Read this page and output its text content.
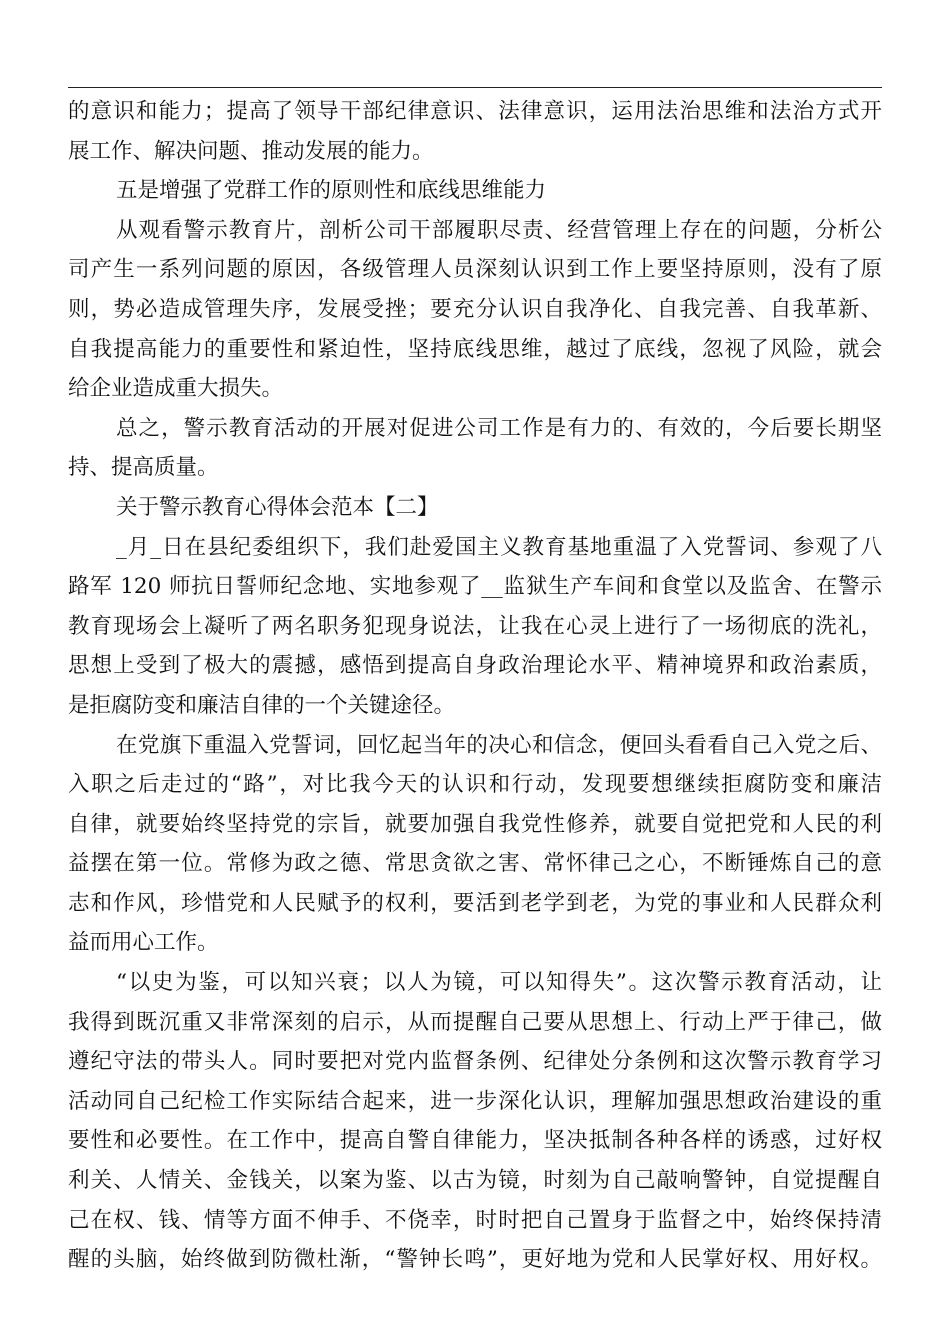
的意识和能力；提高了领导干部纪律意识、法律意识，运用法治思维和法治方式开
展工作、解决问题、推动发展的能力。
五是增强了党群工作的原则性和底线思维能力
从观看警示教育片，剖析公司干部履职尽责、经营管理上存在的问题，分析公
司产生一系列问题的原因，各级管理人员深刻认识到工作上要坚持原则，没有了原
则，势必造成管理失序，发展受挫；要充分认识自我净化、自我完善、自我革新、
自我提高能力的重要性和紧迫性，坚持底线思维，越过了底线，忽视了风险，就会
给企业造成重大损失。
总之，警示教育活动的开展对促进公司工作是有力的、有效的，今后要长期坚
持、提高质量。
关于警示教育心得体会范本【二】
_月_日在县纪委组织下，我们赴爱国主义教育基地重温了入党誓词、参观了八
路军 120 师抗日誓师纪念地、实地参观了__监狱生产车间和食堂以及监舍、在警示
教育现场会上凝听了两名职务犯现身说法，让我在心灵上进行了一场彻底的洗礼，
思想上受到了极大的震撼，感悟到提高自身政治理论水平、精神境界和政治素质，
是拒腐防变和廉洁自律的一个关键途径。
在党旗下重温入党誓词，回忆起当年的决心和信念，便回头看看自己入党之后、
入职之后走过的“路”，对比我今天的认识和行动，发现要想继续拒腐防变和廉洁
自律，就要始终坚持党的宗旨，就要加强自我党性修养，就要自觉把党和人民的利
益摆在第一位。常修为政之德、常思贪欲之害、常怀律己之心，不断锤炼自己的意
志和作风，珍惜党和人民赋予的权利，要活到老学到老，为党的事业和人民群众利
益而用心工作。
“以史为鉴，可以知兴衰；以人为镜，可以知得失”。这次警示教育活动，让
我得到既沉重又非常深刻的启示，从而提醒自己要从思想上、行动上严于律己，做
遵纪守法的带头人。同时要把对党内监督条例、纪律处分条例和这次警示教育学习
活动同自己纪检工作实际结合起来，进一步深化认识，理解加强思想政治建设的重
要性和必要性。在工作中，提高自警自律能力，坚决抵制各种各样的诱惑，过好权
利关、人情关、金钱关，以案为鉴、以古为镜，时刻为自己敲响警钟，自觉提醒自
己在权、钱、情等方面不伸手、不侥幸，时时把自己置身于监督之中，始终保持清
醒的头脑，始终做到防微杜渐，“警钟长鸣”，更好地为党和人民掌好权、用好权。
